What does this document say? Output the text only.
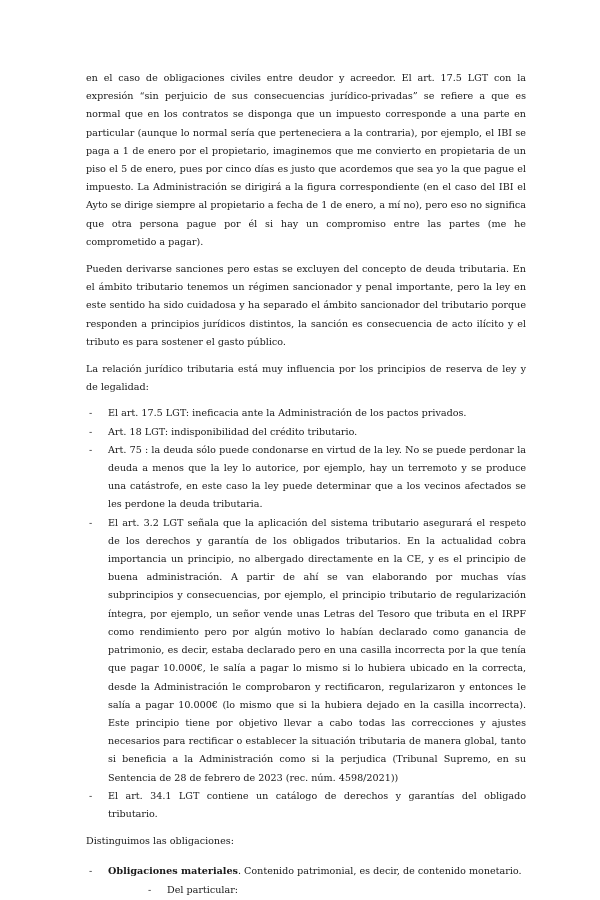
en el caso de obligaciones civiles entre deudor y acreedor. El art. 17.5 LGT con la expresión “sin perjuicio de sus consecuencias jurídico-privadas” se refiere a que es normal que en los contratos se disponga que un impuesto corresponde a una parte en particular (aunque lo normal sería que perteneciera a la contraria), por ejemplo, el IBI se paga a 1 de enero por el propietario, imaginemos que me convierto en propietaria de un piso el 5 de enero, pues por cinco días es justo que acordemos que sea yo la que pague el impuesto. La Administración se dirigirá a la figura correspondiente (en el caso del IBI el Ayto se dirige siempre al propietario a fecha de 1 de enero, a mí no), pero eso no significa que otra persona pague por él si hay un compromiso entre las partes (me he comprometido a pagar).

Pueden derivarse sanciones pero estas se excluyen del concepto de deuda tributaria. En el ámbito tributario tenemos un régimen sancionador y penal importante, pero la ley en este sentido ha sido cuidadosa y ha separado el ámbito sancionador del tributario porque responden a principios jurídicos distintos, la sanción es consecuencia de acto ilícito y el tributo es para sostener el gasto público.

La relación jurídico tributaria está muy influencia por los principios de reserva de ley y de legalidad:

- El art. 17.5 LGT: ineficacia ante la Administración de los pactos privados.
- Art. 18 LGT: indisponibilidad del crédito tributario.
- Art. 75 : la deuda sólo puede condonarse en virtud de la ley. No se puede perdonar la deuda a menos que la ley lo autorice, por ejemplo, hay un terremoto y se produce una catástrofe, en este caso la ley puede determinar que a los vecinos afectados se les perdone la deuda tributaria.
- El art. 3.2 LGT señala que la aplicación del sistema tributario asegurará el respeto de los derechos y garantía de los obligados tributarios. En la actualidad cobra importancia un principio, no albergado directamente en la CE, y es el principio de buena administración. A partir de ahí se van elaborando por muchas vías subprincipios y consecuencias, por ejemplo, el principio tributario de regularización íntegra, por ejemplo, un señor vende unas Letras del Tesoro que tributa en el IRPF como rendimiento pero por algún motivo lo habían declarado como ganancia de patrimonio, es decir, estaba declarado pero en una casilla incorrecta por la que tenía que pagar 10.000€, le salía a pagar lo mismo si lo hubiera ubicado en la correcta, desde la Administración le comprobaron y rectificaron, regularizaron y entonces le salía a pagar 10.000€ (lo mismo que si la hubiera dejado en la casilla incorrecta). Este principio tiene por objetivo llevar a cabo todas las correcciones y ajustes necesarios para rectificar o establecer la situación tributaria de manera global, tanto si beneficia a la Administración como si la perjudica (Tribunal Supremo, en su Sentencia de 28 de febrero de 2023 (rec. núm. 4598/2021))
- El art. 34.1 LGT contiene un catálogo de derechos y garantías del obligado tributario.

Distinguimos las obligaciones:

- Obligaciones materiales. Contenido patrimonial, es decir, de contenido monetario.
- Del particular:
